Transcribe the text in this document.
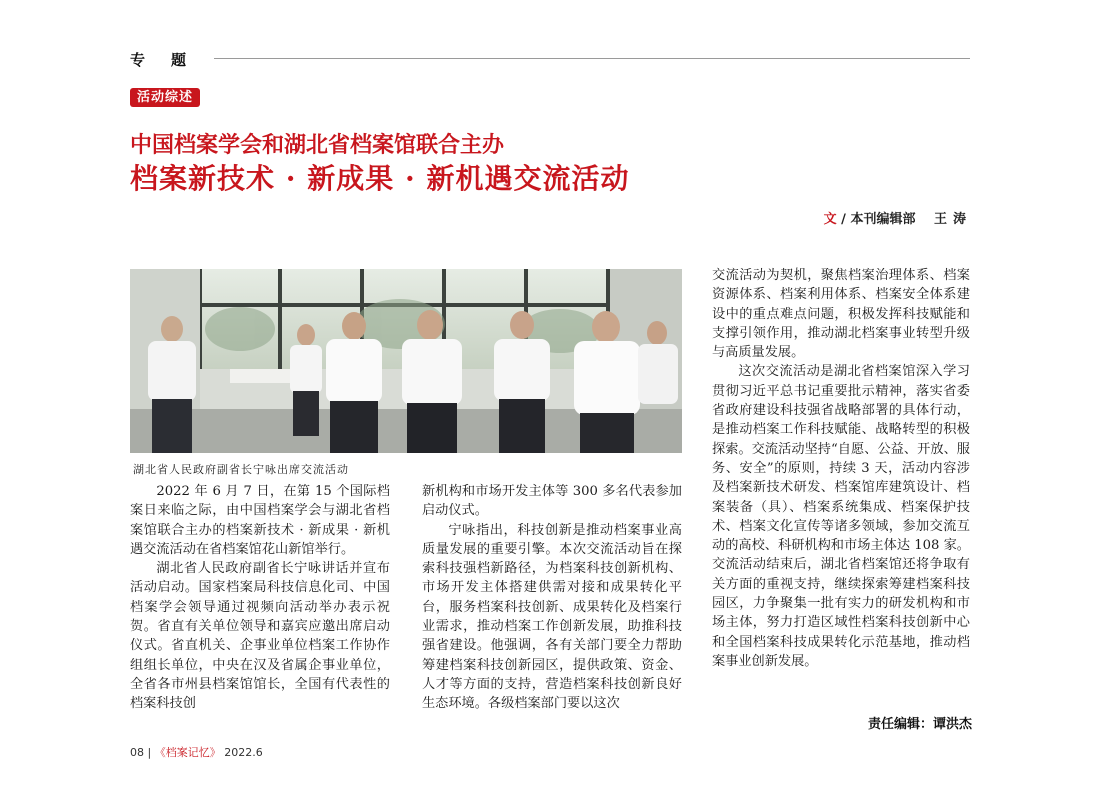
专题
活动综述
中国档案学会和湖北省档案馆联合主办
档案新技术 · 新成果 · 新机遇交流活动
文 / 本刊编辑部 王涛
湖北省人民政府副省长宁咏出席交流活动

2022 年 6 月 7 日，在第 15 个国际档案日来临之际，由中国档案学会与湖北省档案馆联合主办的档案新技术 · 新成果 · 新机遇交流活动在省档案馆花山新馆举行。

湖北省人民政府副省长宁咏讲话并宣布活动启动。国家档案局科技信息化司、中国档案学会领导通过视频向活动举办表示祝贺。省直有关单位领导和嘉宾应邀出席启动仪式。省直机关、企事业单位档案工作协作组组长单位，中央在汉及省属企事业单位，全省各市州县档案馆馆长，全国有代表性的档案科技创

新机构和市场开发主体等 300 多名代表参加启动仪式。

宁咏指出，科技创新是推动档案事业高质量发展的重要引擎。本次交流活动旨在探索科技强档新路径，为档案科技创新机构、市场开发主体搭建供需对接和成果转化平台，服务档案科技创新、成果转化及档案行业需求，推动档案工作创新发展，助推科技强省建设。他强调，各有关部门要全力帮助筹建档案科技创新园区，提供政策、资金、人才等方面的支持，营造档案科技创新良好生态环境。各级档案部门要以这次

交流活动为契机，聚焦档案治理体系、档案资源体系、档案利用体系、档案安全体系建设中的重点难点问题，积极发挥科技赋能和支撑引领作用，推动湖北档案事业转型升级与高质量发展。

这次交流活动是湖北省档案馆深入学习贯彻习近平总书记重要批示精神，落实省委省政府建设科技强省战略部署的具体行动，是推动档案工作科技赋能、战略转型的积极探索。交流活动坚持“自愿、公益、开放、服务、安全”的原则，持续 3 天，活动内容涉及档案新技术研发、档案馆库建筑设计、档案装备（具）、档案系统集成、档案保护技术、档案文化宣传等诸多领域，参加交流互动的高校、科研机构和市场主体达 108 家。交流活动结束后，湖北省档案馆还将争取有关方面的重视支持，继续探索筹建档案科技园区，力争聚集一批有实力的研发机构和市场主体，努力打造区域性档案科技创新中心和全国档案科技成果转化示范基地，推动档案事业创新发展。

责任编辑：谭洪杰
08 | 《档案记忆》 2022.6
